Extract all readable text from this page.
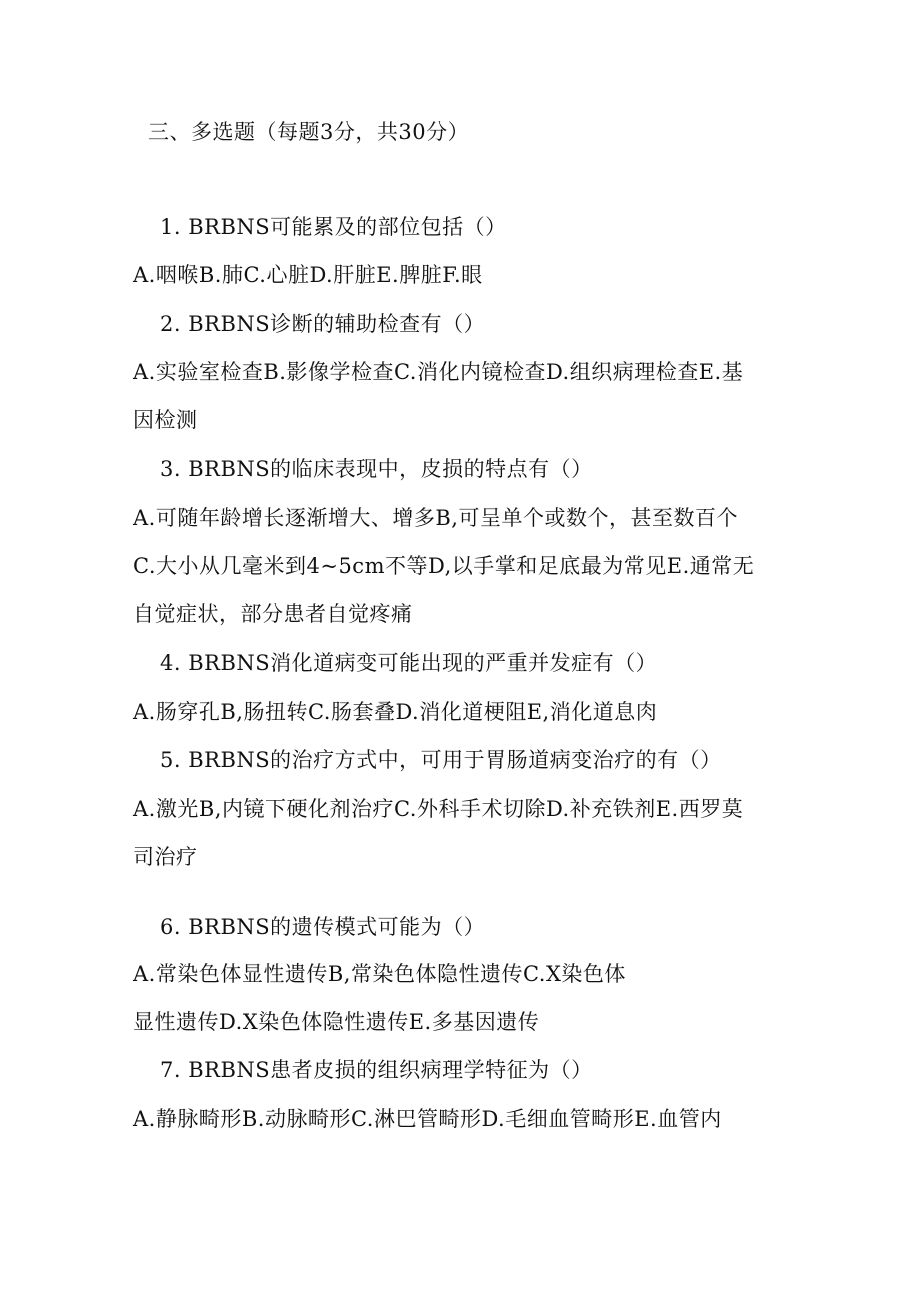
三、多选题（每题3分，共30分）
1. BRBNS可能累及的部位包括（）
A.咽喉B.肺C.心脏D.肝脏E.脾脏F.眼
2. BRBNS诊断的辅助检查有（）
A.实验室检查B.影像学检查C.消化内镜检查D.组织病理检查E.基
因检测
3. BRBNS的临床表现中，皮损的特点有（）
A.可随年龄增长逐渐增大、增多B,可呈单个或数个，甚至数百个
C.大小从几毫米到4~5cm不等D,以手掌和足底最为常见E.通常无
自觉症状，部分患者自觉疼痛
4. BRBNS消化道病变可能出现的严重并发症有（）
A.肠穿孔B,肠扭转C.肠套叠D.消化道梗阻E,消化道息肉
5. BRBNS的治疗方式中，可用于胃肠道病变治疗的有（）
A.激光B,内镜下硬化剂治疗C.外科手术切除D.补充铁剂E.西罗莫
司治疗
6. BRBNS的遗传模式可能为（）
A.常染色体显性遗传B,常染色体隐性遗传C.X染色体
显性遗传D.X染色体隐性遗传E.多基因遗传
7. BRBNS患者皮损的组织病理学特征为（）
A.静脉畸形B.动脉畸形C.淋巴管畸形D.毛细血管畸形E.血管内
